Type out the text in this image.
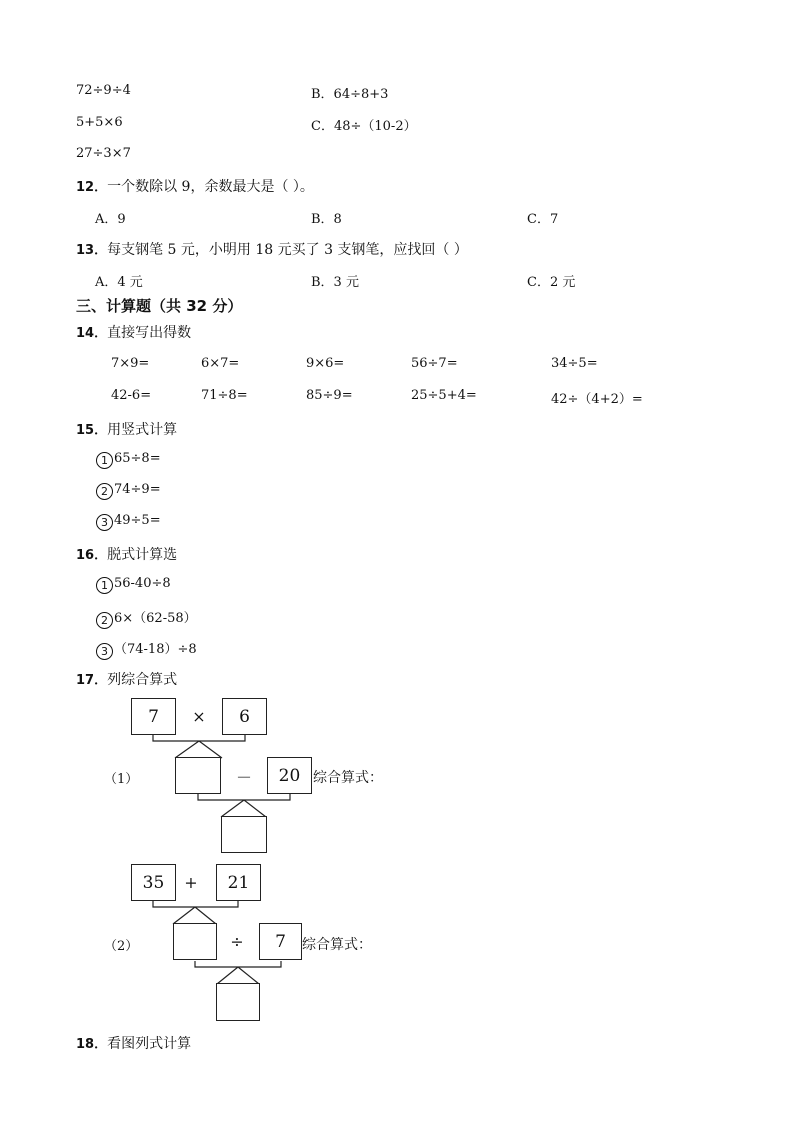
72÷9÷4	B．64÷8+3
5+5×6	C．48÷（10-2）
27÷3×7
12．一个数除以 9，余数最大是（ ）。
A．9	B．8	C．7
13．每支钢笔 5 元，小明用 18 元买了 3 支钢笔，应找回（ ）
A．4 元	B．3 元	C．2 元
三、计算题（共 32 分）
14．直接写出得数
7×9=	6×7=	9×6=	56÷7=	34÷5=
42-6=	71÷8=	85÷9=	25÷5+4=	42÷（4+2）=
15．用竖式计算
1 65÷8=
2 74÷9=
3 49÷5=
16．脱式计算选
1 56-40÷8
2 6×（62-58）
3 （74-18）÷8
17．列综合算式
7	×	6
（1）	－	20 综合算式：
35	+	21
（2）	÷	7	综合算式：
18．看图列式计算
